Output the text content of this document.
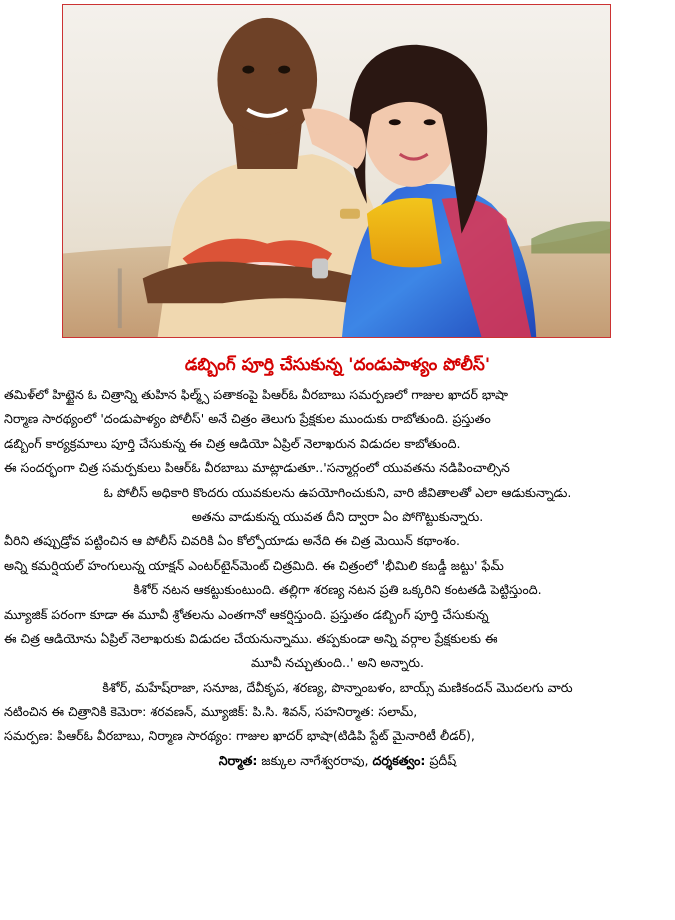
డబ్బింగ్ పూర్తి చేసుకున్న 'దండుపాళ్యం పోలీస్'
తమిళ్‌లో హిట్టైన ఓ చిత్రాన్ని తుహిన ఫిల్మ్స్ పతాకంపై పిఆర్‌ఓ వీరబాబు సమర్పణలో గాజుల ఖాదర్ భాషా
నిర్మాణ సారథ్యంలో 'దండుపాళ్యం పోలీస్' అనే చిత్రం తెలుగు ప్రేక్షకుల ముందుకు రాబోతుంది. ప్రస్తుతం
డబ్బింగ్ కార్యక్రమాలు పూర్తి చేసుకున్న ఈ చిత్ర ఆడియో ఏప్రిల్ నెలాఖరున విడుదల కాబోతుంది.
ఈ సందర్భంగా చిత్ర సమర్పకులు పిఆర్‌ఓ వీరబాబు మాట్లాడుతూ..'సన్మార్గంలో యువతను నడిపించాల్సిన
ఓ పోలీస్ అధికారి కొందరు యువకులను ఉపయోగించుకుని, వారి జీవితాలతో ఎలా ఆడుకున్నాడు.
అతను వాడుకున్న యువత దీని ద్వారా ఏం పోగొట్టుకున్నారు.
వీరిని తప్పుడ్రోవ పట్టించిన ఆ పోలీస్ చివరికి ఏం కోల్పోయాడు అనేది ఈ చిత్ర మెయిన్ కథాంశం.
అన్ని కమర్షియల్ హంగులున్న యాక్షన్ ఎంటర్‌టైన్‌మెంట్ చిత్రమిది. ఈ చిత్రంలో 'భీమిలి కబడ్డీ జట్టు' ఫేమ్
కిశోర్ నటన ఆకట్టుకుంటుంది. తల్లిగా శరణ్య నటన ప్రతి ఒక్కరిని కంటతడి పెట్టిస్తుంది.
మ్యూజిక్ పరంగా కూడా ఈ మూవీ శ్రోతలను ఎంతగానో ఆకర్షిస్తుంది. ప్రస్తుతం డబ్బింగ్ పూర్తి చేసుకున్న
ఈ చిత్ర ఆడియోను ఏప్రిల్ నెలాఖరుకు విడుదల చేయనున్నాము. తప్పకుండా అన్ని వర్గాల ప్రేక్షకులకు ఈ
మూవీ నచ్చుతుంది..' అని అన్నారు.
కిశోర్, మహేష్‌రాజా, సనూజ, దేవీకృప, శరణ్య, పొన్నాంబళం, బాయ్స్ మణికందన్ మొదలగు వారు
నటించిన ఈ చిత్రానికి కెమెరా: శరవణన్, మ్యూజిక్: పి.సి. శివన్, సహనిర్మాత: సలామ్,
సమర్పణ: పిఆర్‌ఓ వీరబాబు, నిర్మాణ సారథ్యం: గాజుల ఖాదర్ భాషా(టిడిపి స్టేట్ మైనారిటీ లీడర్),
నిర్మాత: జక్కుల నాగేశ్వరరావు, దర్శకత్వం: ప్రదీష్
